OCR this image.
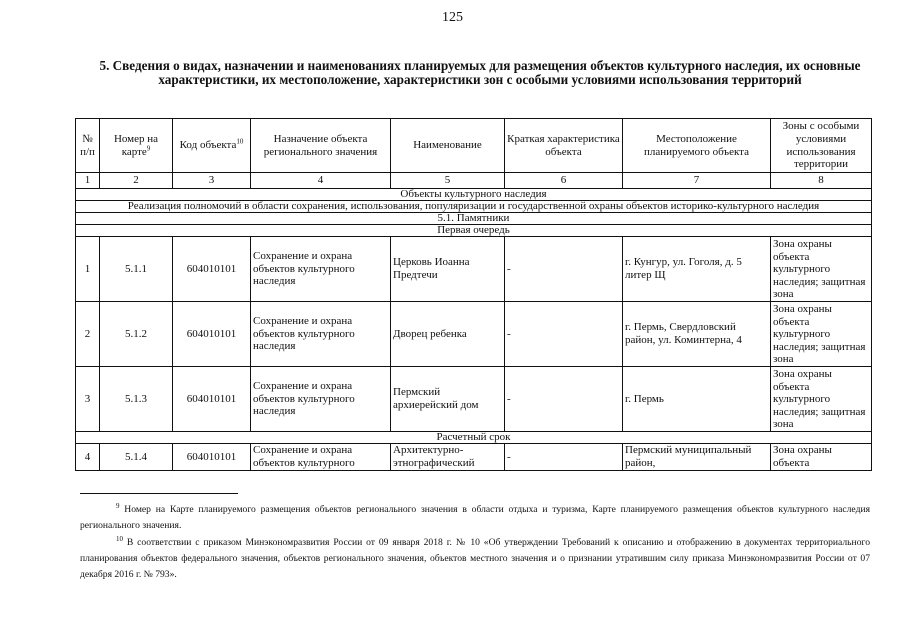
125
5. Сведения о видах, назначении и наименованиях планируемых для размещения объектов культурного наследия, их основные характеристики, их местоположение, характеристики зон с особыми условиями использования территорий
№ п/п	Номер на карте$^9$	Код объекта$^{10}$	Назначение объекта регионального значения	Наименование	Краткая характеристика объекта	Местоположение планируемого объекта	Зоны с особыми условиями использования территории
1	2	3	4	5	6	7	8
Объекты культурного наследия							
Реализация полномочий в области сохранения, использования, популяризации и государственной охраны объектов историко-культурного наследия							
5.1. Памятники							
Первая очередь							
1	5.1.1	604010101	Сохранение и охрана объектов культурного наследия	Церковь Иоанна Предтечи	-	г. Кунгур, ул. Гоголя, д. 5 литер Щ	Зона охраны объекта культурного наследия; защитная зона
2	5.1.2	604010101	Сохранение и охрана объектов культурного наследия	Дворец ребенка	-	г. Пермь, Свердловский район, ул. Коминтерна, 4	Зона охраны объекта культурного наследия; защитная зона
3	5.1.3	604010101	Сохранение и охрана объектов культурного наследия	Пермский архиерейский дом	-	г. Пермь	Зона охраны объекта культурного наследия; защитная зона
Расчетный срок							
4	5.1.4	604010101	Сохранение и охрана объектов культурного	Архитектурно-этнографический	-	Пермский муниципальный район,	Зона охраны объекта

$^9$ Номер на Карте планируемого размещения объектов регионального значения в области отдыха и туризма, Карте планируемого размещения объектов культурного наследия регионального значения.

$^{10}$ В соответствии с приказом Минэкономразвития России от 09 января 2018 г. № 10 «Об утверждении Требований к описанию и отображению в документах территориального планирования объектов федерального значения, объектов регионального значения, объектов местного значения и о признании утратившим силу приказа Минэкономразвития России от 07 декабря 2016 г. № 793».
